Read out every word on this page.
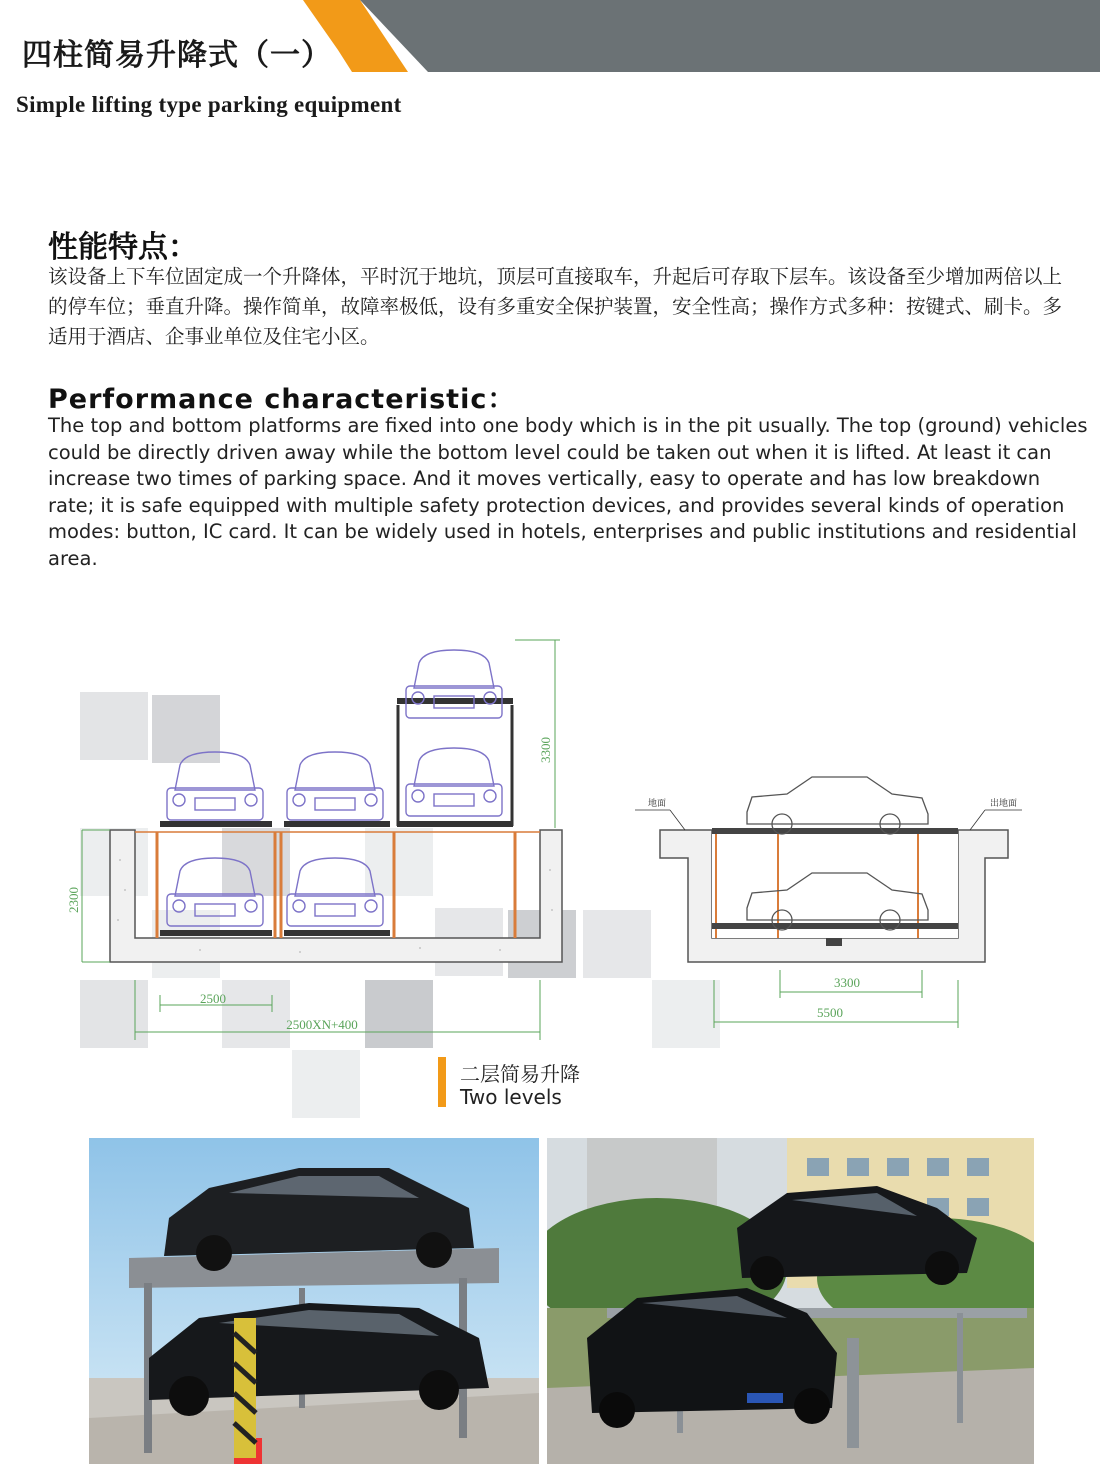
四柱简易升降式（一）
Simple lifting type parking equipment
性能特点：
该设备上下车位固定成一个升降体，平时沉于地坑，顶层可直接取车，升起后可存取下层车。该设备至少增加两倍以上的停车位；垂直升降。操作简单，故障率极低，设有多重安全保护装置，安全性高；操作方式多种：按键式、刷卡。多适用于酒店、企事业单位及住宅小区。
Performance characteristic：
The top and bottom platforms are fixed into one body which is in the pit usually. The top (ground) vehicles could be directly driven away while the bottom level could be taken out when it is lifted. At least it can increase two times of parking space. And it moves vertically, easy to operate and has low breakdown rate; it is safe equipped with multiple safety protection devices, and provides several kinds of operation modes: button, IC card. It can be widely used in hotels, enterprises and public institutions and residential area.
3300
2300
2500
2500XN+400
地面	出地面
3300
5500
二层简易升降
Two levels
